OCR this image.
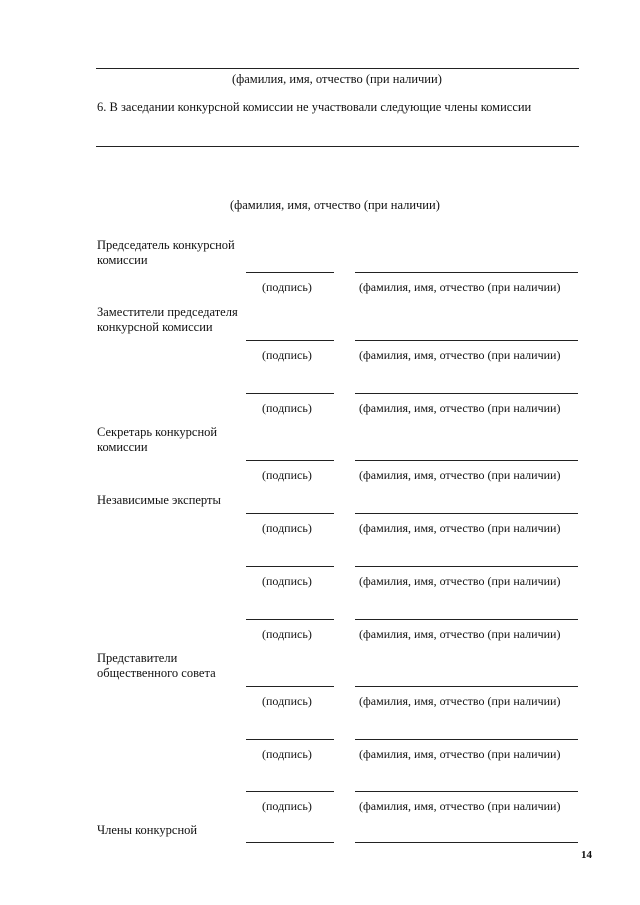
(фамилия, имя, отчество (при наличии)
6. В заседании конкурсной комиссии не участвовали следующие члены комиссии
(фамилия, имя, отчество (при наличии)
Председатель конкурсной комиссии
(подпись)	(фамилия, имя, отчество (при наличии)
Заместители председателя конкурсной комиссии
(подпись)	(фамилия, имя, отчество (при наличии)
(подпись)	(фамилия, имя, отчество (при наличии)
Секретарь конкурсной комиссии
(подпись)	(фамилия, имя, отчество (при наличии)
Независимые эксперты
(подпись)	(фамилия, имя, отчество (при наличии)
(подпись)	(фамилия, имя, отчество (при наличии)
(подпись)	(фамилия, имя, отчество (при наличии)
Представители общественного совета
(подпись)	(фамилия, имя, отчество (при наличии)
(подпись)	(фамилия, имя, отчество (при наличии)
(подпись)	(фамилия, имя, отчество (при наличии)
Члены конкурсной
14
